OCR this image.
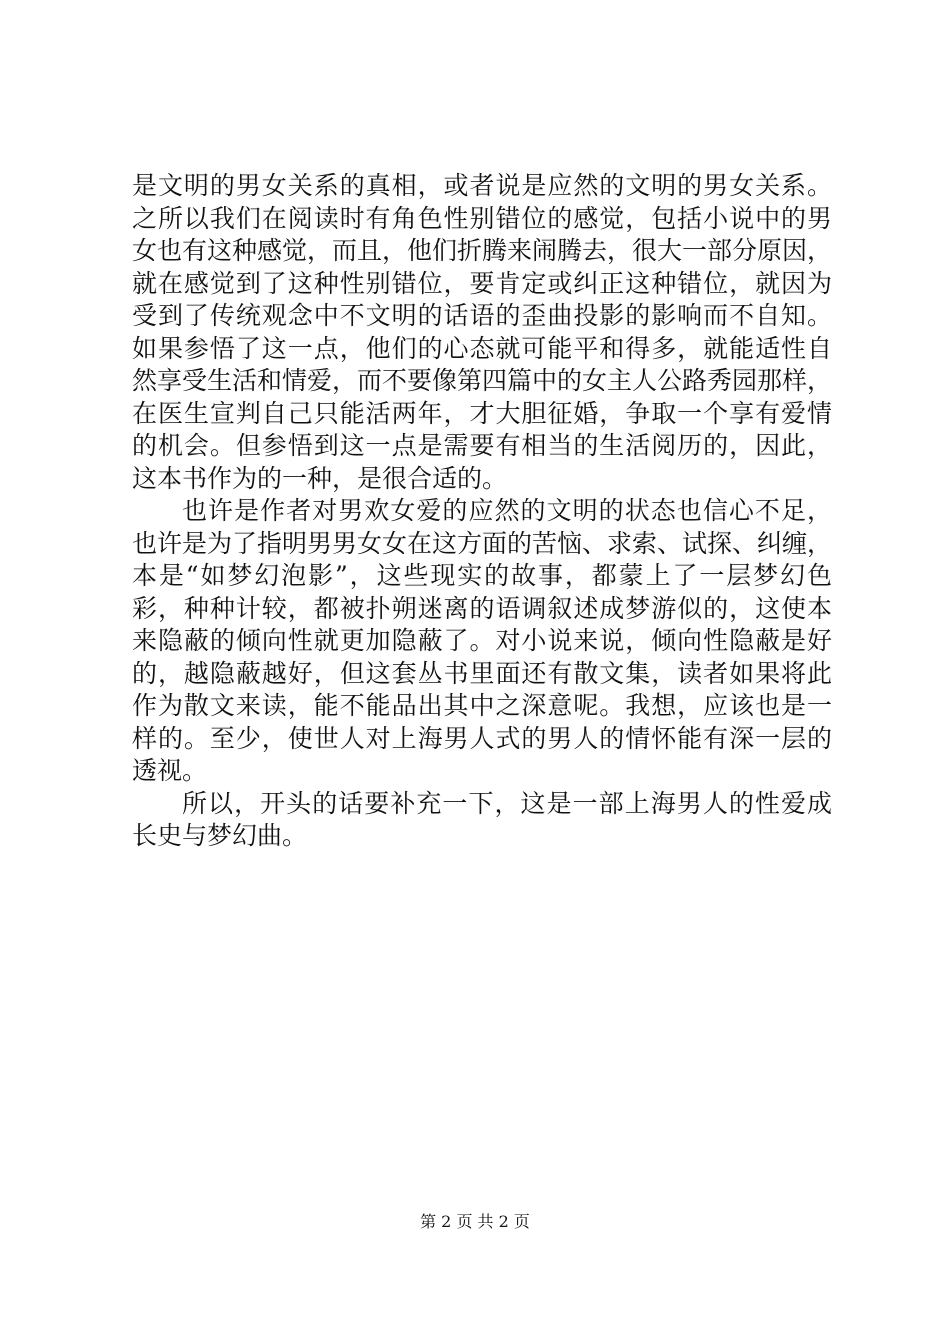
是文明的男女关系的真相，或者说是应然的文明的男女关系。
之所以我们在阅读时有角色性别错位的感觉，包括小说中的男
女也有这种感觉，而且，他们折腾来闹腾去，很大一部分原因，
就在感觉到了这种性别错位，要肯定或纠正这种错位，就因为
受到了传统观念中不文明的话语的歪曲投影的影响而不自知。
如果参悟了这一点，他们的心态就可能平和得多，就能适性自
然享受生活和情爱，而不要像第四篇中的女主人公路秀园那样，
在医生宣判自己只能活两年，才大胆征婚，争取一个享有爱情
的机会。但参悟到这一点是需要有相当的生活阅历的，因此，
这本书作为的一种，是很合适的。
也许是作者对男欢女爱的应然的文明的状态也信心不足，
也许是为了指明男男女女在这方面的苦恼、求索、试探、纠缠，
本是“如梦幻泡影”，这些现实的故事，都蒙上了一层梦幻色
彩，种种计较，都被扑朔迷离的语调叙述成梦游似的，这使本
来隐蔽的倾向性就更加隐蔽了。对小说来说，倾向性隐蔽是好
的，越隐蔽越好，但这套丛书里面还有散文集，读者如果将此
作为散文来读，能不能品出其中之深意呢。我想，应该也是一
样的。至少，使世人对上海男人式的男人的情怀能有深一层的
透视。
所以，开头的话要补充一下，这是一部上海男人的性爱成
长史与梦幻曲。
第 2 页 共 2 页
